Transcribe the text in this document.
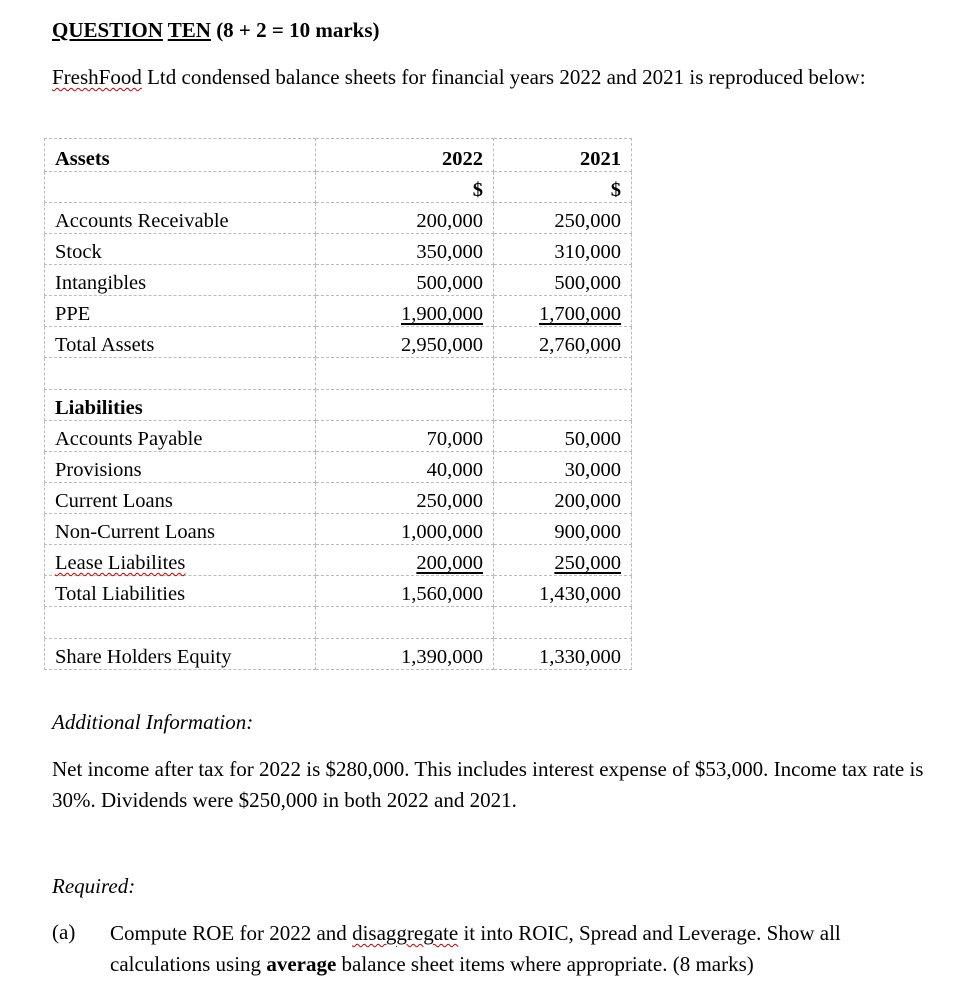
QUESTION TEN (8 + 2 = 10 marks)
FreshFood Ltd condensed balance sheets for financial years 2022 and 2021 is reproduced below:
Assets	2022	2021
	$	$
Accounts Receivable	200,000	250,000
Stock	350,000	310,000
Intangibles	500,000	500,000
PPE	1,900,000	1,700,000
Total Assets	2,950,000	2,760,000

Liabilities		
Accounts Payable	70,000	50,000
Provisions	40,000	30,000
Current Loans	250,000	200,000
Non-Current Loans	1,000,000	900,000
Lease Liabilites	200,000	250,000
Total Liabilities	1,560,000	1,430,000

Share Holders Equity	1,390,000	1,330,000
Additional Information:
Net income after tax for 2022 is $280,000. This includes interest expense of $53,000. Income tax rate is 30%. Dividends were $250,000 in both 2022 and 2021.
Required:
(a) Compute ROE for 2022 and disaggregate it into ROIC, Spread and Leverage. Show all calculations using average balance sheet items where appropriate. (8 marks)
